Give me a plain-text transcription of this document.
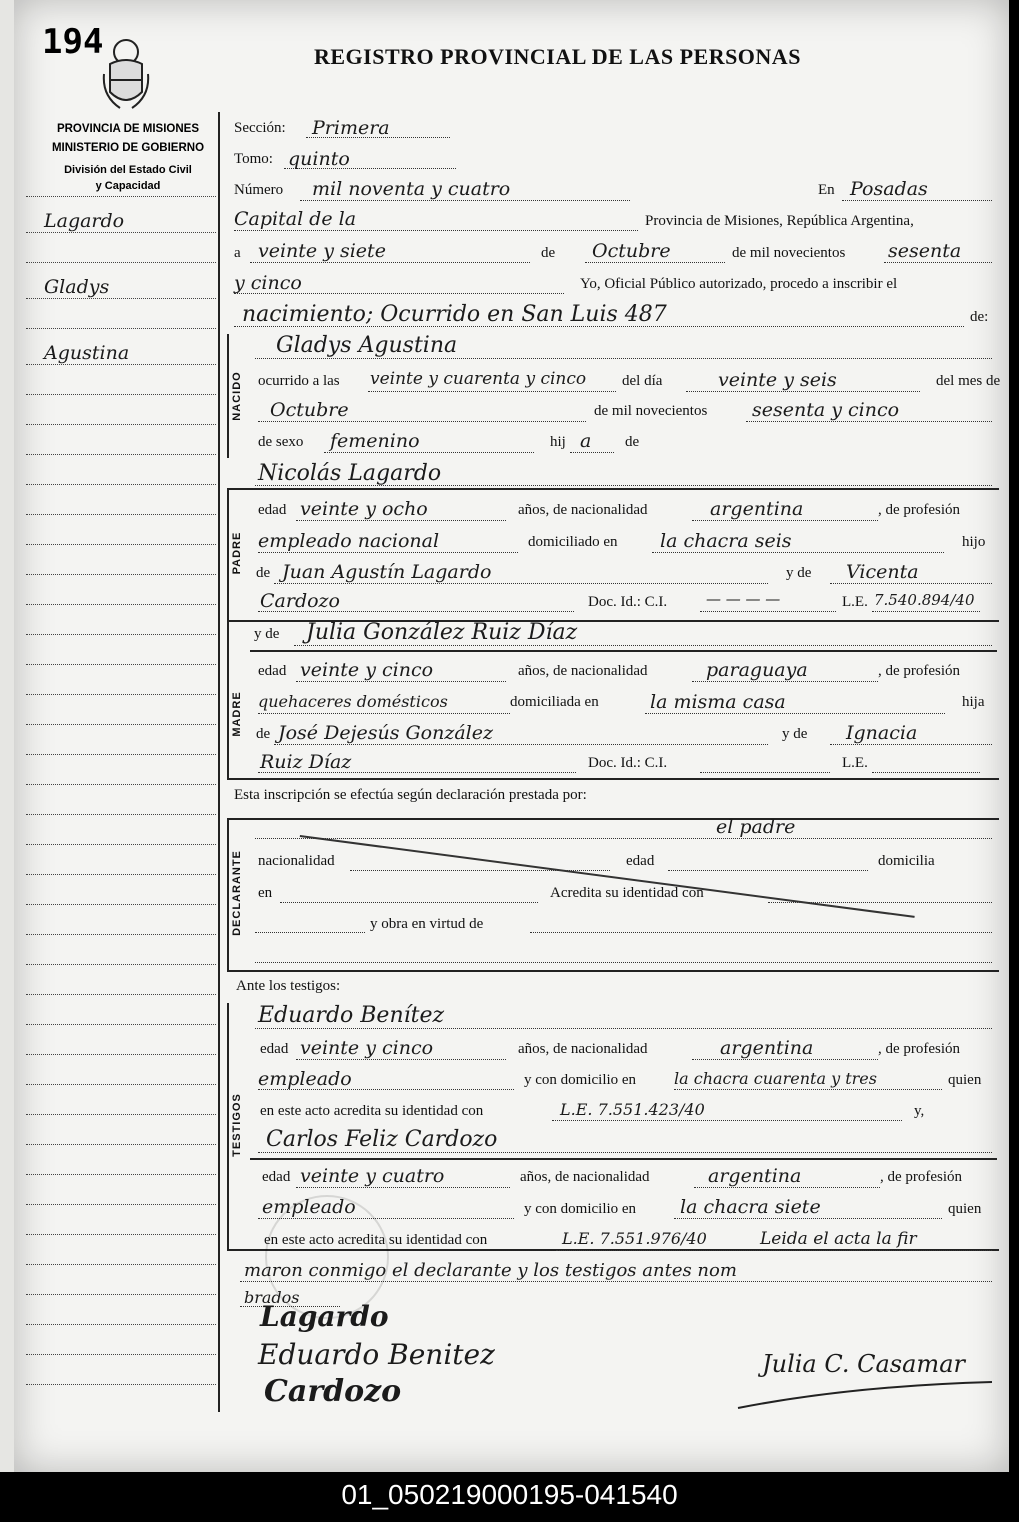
194	REGISTRO PROVINCIAL DE LAS PERSONAS
PROVINCIA DE MISIONES
MINISTERIO DE GOBIERNO
División del Estado Civil
y Capacidad
Lagardo
Gladys
Agustina
Sección: Primera
Tomo: quinto
Número mil noventa y cuatro	En Posadas
Capital de la	Provincia de Misiones, República Argentina,
a veinte y siete	de Octubre	de mil novecientos sesenta
y cinco	Yo, Oficial Público autorizado, procedo a inscribir el
nacimiento; Ocurrido en San Luis 487	de:
NACIDO
Gladys Agustina
ocurrido a las veinte y cuarenta y cinco del día	veinte y seis	del mes de
Octubre	de mil novecientos sesenta y cinco
de sexo femenino	hij a de
Nicolás Lagardo
PADRE
edad veinte y ocho	años, de nacionalidad	argentina	, de profesión
empleado nacional	domiciliado en la chacra seis	hijo
de Juan Agustín Lagardo	y de Vicenta
Cardozo	Doc. Id.: C.I.	— — — —	L.E. 7.540.894/40
MADRE
y de Julia González Ruiz Díaz
edad veinte y cinco	años, de nacionalidad	paraguaya	, de profesión
quehaceres domésticos	domiciliada en	la misma casa	hija
de José Dejesús González	y de Ignacia
Ruiz Díaz	Doc. Id.: C.I.	L.E.
Esta inscripción se efectúa según declaración prestada por:
DECLARANTE
el padre
nacionalidad	edad	domicilia
en	Acredita su identidad con
y obra en virtud de
Ante los testigos:
TESTIGOS
Eduardo Benítez
edad veinte y cinco	años, de nacionalidad	argentina	, de profesión
empleado	y con domicilio en la chacra cuarenta y tres	quien
en este acto acredita su identidad con	L.E. 7.551.423/40	y,
Carlos Feliz Cardozo
edad veinte y cuatro	años, de nacionalidad	argentina	, de profesión
empleado	y con domicilio en la chacra siete	quien
en este acto acredita su identidad con	L.E. 7.551.976/40	Leida el acta la fir
maron conmigo el declarante y los testigos antes nom
brados
Lagardo
Eduardo Benitez
Cardozo
Julia C. Casamar
01_050219000195-041540
